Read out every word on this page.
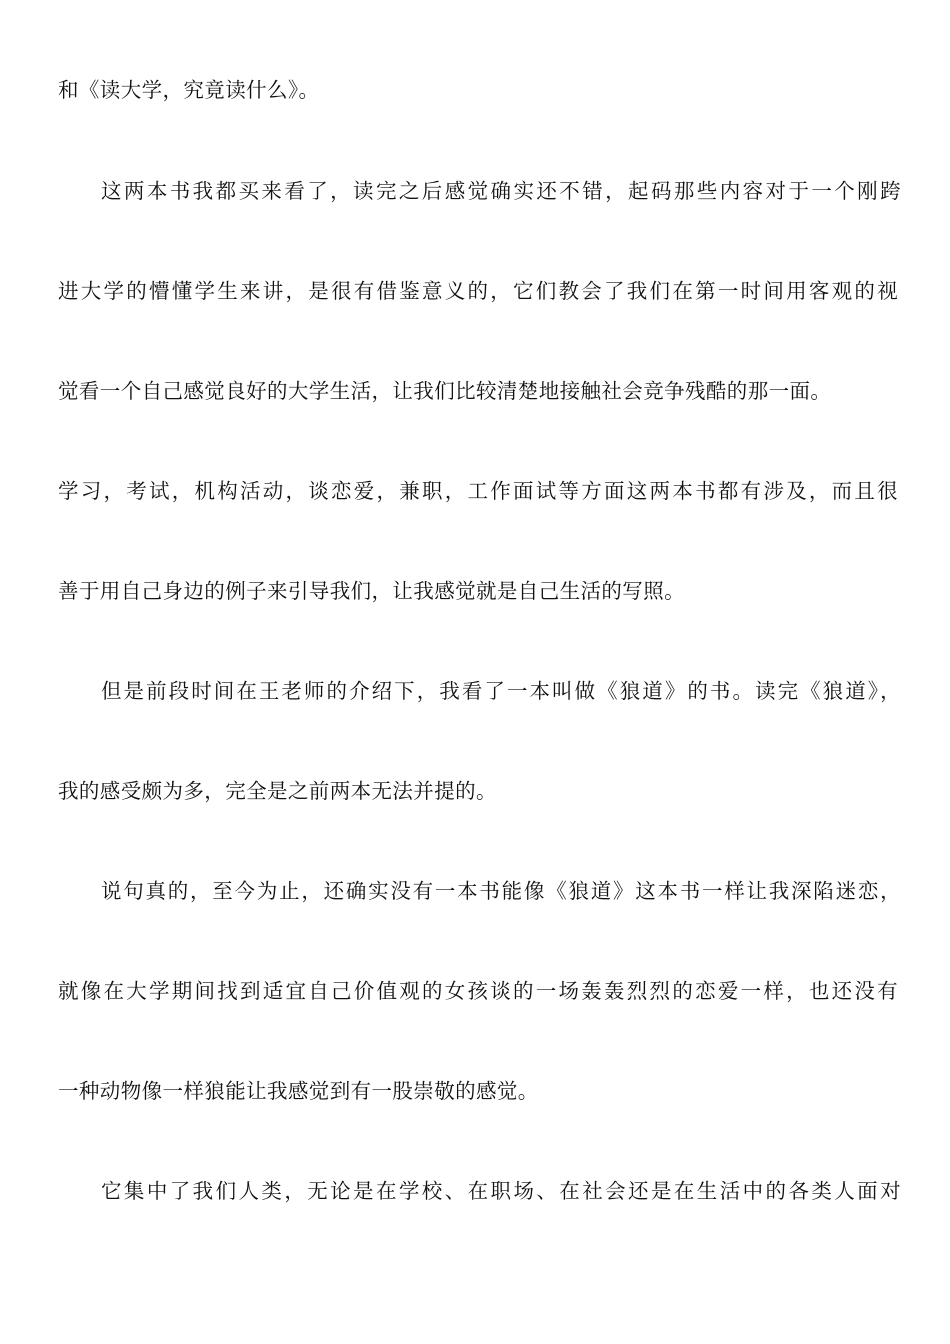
和《读大学，究竟读什么》。
这两本书我都买来看了，读完之后感觉确实还不错，起码那些内容对于一个刚跨
进大学的懵懂学生来讲，是很有借鉴意义的，它们教会了我们在第一时间用客观的视
觉看一个自己感觉良好的大学生活，让我们比较清楚地接触社会竞争残酷的那一面。
学习，考试，机构活动，谈恋爱，兼职，工作面试等方面这两本书都有涉及，而且很
善于用自己身边的例子来引导我们，让我感觉就是自己生活的写照。
但是前段时间在王老师的介绍下，我看了一本叫做《狼道》的书。读完《狼道》，
我的感受颇为多，完全是之前两本无法并提的。
说句真的，至今为止，还确实没有一本书能像《狼道》这本书一样让我深陷迷恋，
就像在大学期间找到适宜自己价值观的女孩谈的一场轰轰烈烈的恋爱一样，也还没有
一种动物像一样狼能让我感觉到有一股崇敬的感觉。
它集中了我们人类，无论是在学校、在职场、在社会还是在生活中的各类人面对
